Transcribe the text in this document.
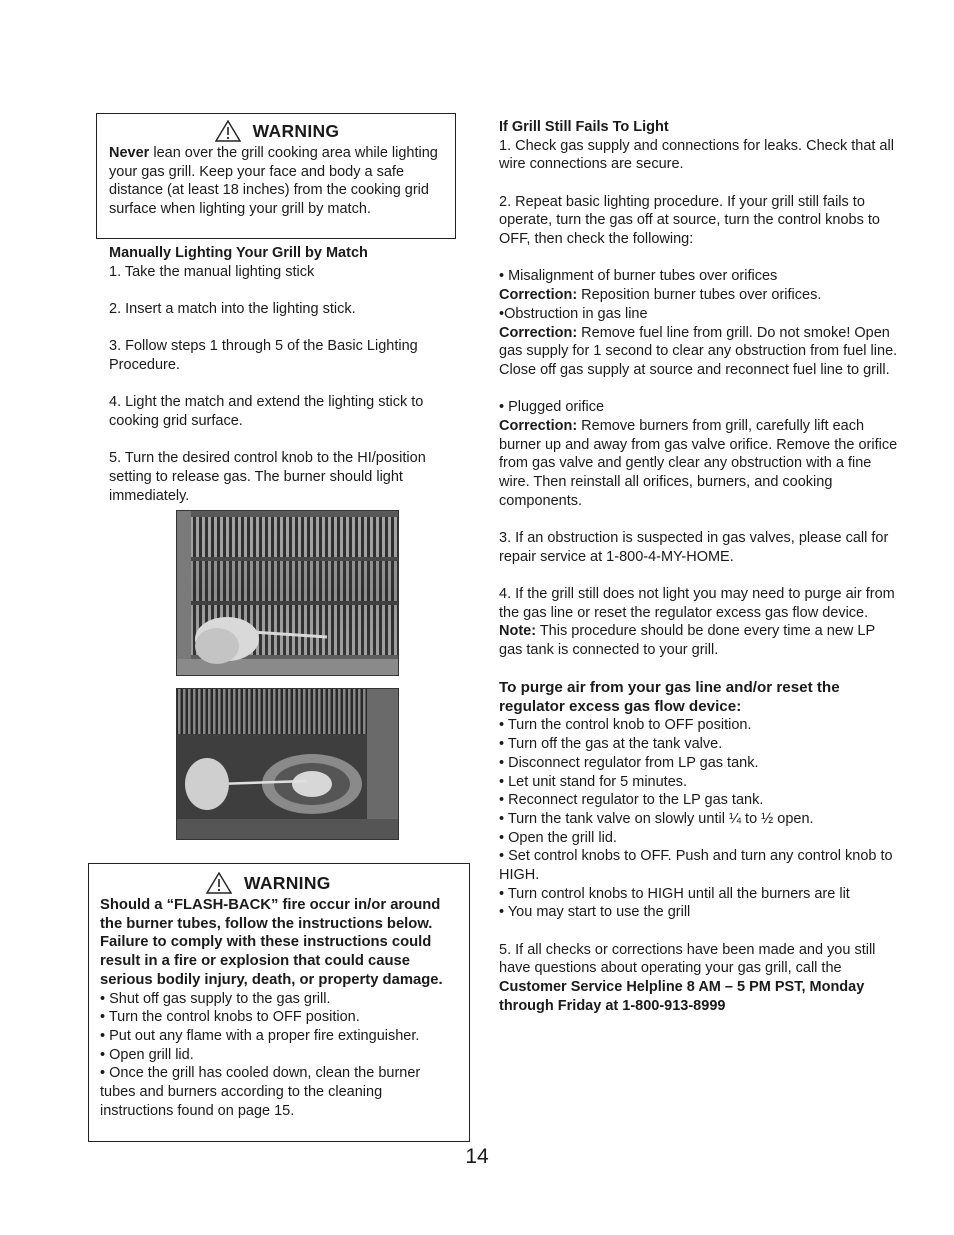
WARNING

Never lean over the grill cooking area while lighting your gas grill. Keep your face and body a safe distance (at least 18 inches) from the cooking grid surface when lighting your grill by match.

Manually Lighting Your Grill by Match

1. Take the manual lighting stick

2. Insert a match into the lighting stick.

3. Follow steps 1 through 5 of the Basic Lighting Procedure.

4. Light the match and extend the lighting stick to cooking grid surface.

5. Turn the desired control knob to the HI/position setting to release gas. The burner should light immediately.

WARNING

Should a “FLASH-BACK” fire occur in/or around the burner tubes, follow the instructions below. Failure to comply with these instructions could result in a fire or explosion that could cause serious bodily injury, death, or property damage.

• Shut off gas supply to the gas grill.

• Turn the control knobs to OFF position.

• Put out any flame with a proper fire extinguisher.

• Open grill lid.

• Once the grill has cooled down, clean the burner tubes and burners according to the cleaning instructions found on page 15.

If Grill Still Fails To Light

1. Check gas supply and connections for leaks. Check that all wire connections are secure.

2. Repeat basic lighting procedure. If your grill still fails to operate, turn the gas off at source, turn the control knobs to OFF, then check the following:

• Misalignment of burner tubes over orifices

Correction: Reposition burner tubes over orifices.

•Obstruction in gas line

Correction: Remove fuel line from grill. Do not smoke! Open gas supply for 1 second to clear any obstruction from fuel line. Close off gas supply at source and reconnect fuel line to grill.

• Plugged orifice

Correction: Remove burners from grill, carefully lift each burner up and away from gas valve orifice. Remove the orifice from gas valve and gently clear any obstruction with a fine wire. Then reinstall all orifices, burners, and cooking components.

3. If an obstruction is suspected in gas valves, please call for repair service at 1-800-4-MY-HOME.

4. If the grill still does not light you may need to purge air from the gas line or reset the regulator excess gas flow device. Note: This procedure should be done every time a new LP gas tank is connected to your grill.

To purge air from your gas line and/or reset the regulator excess gas flow device:

• Turn the control knob to OFF position.

• Turn off the gas at the tank valve.

• Disconnect regulator from LP gas tank.

• Let unit stand for 5 minutes.

• Reconnect regulator to the LP gas tank.

• Turn the tank valve on slowly until ¼ to ½ open.

• Open the grill lid.

• Set control knobs to OFF. Push and turn any control knob to HIGH.

• Turn control knobs to HIGH until all the burners are lit

• You may start to use the grill

5. If all checks or corrections have been made and you still have questions about operating your gas grill, call the Customer Service Helpline 8 AM – 5 PM PST, Monday through Friday at 1-800-913-8999

14
